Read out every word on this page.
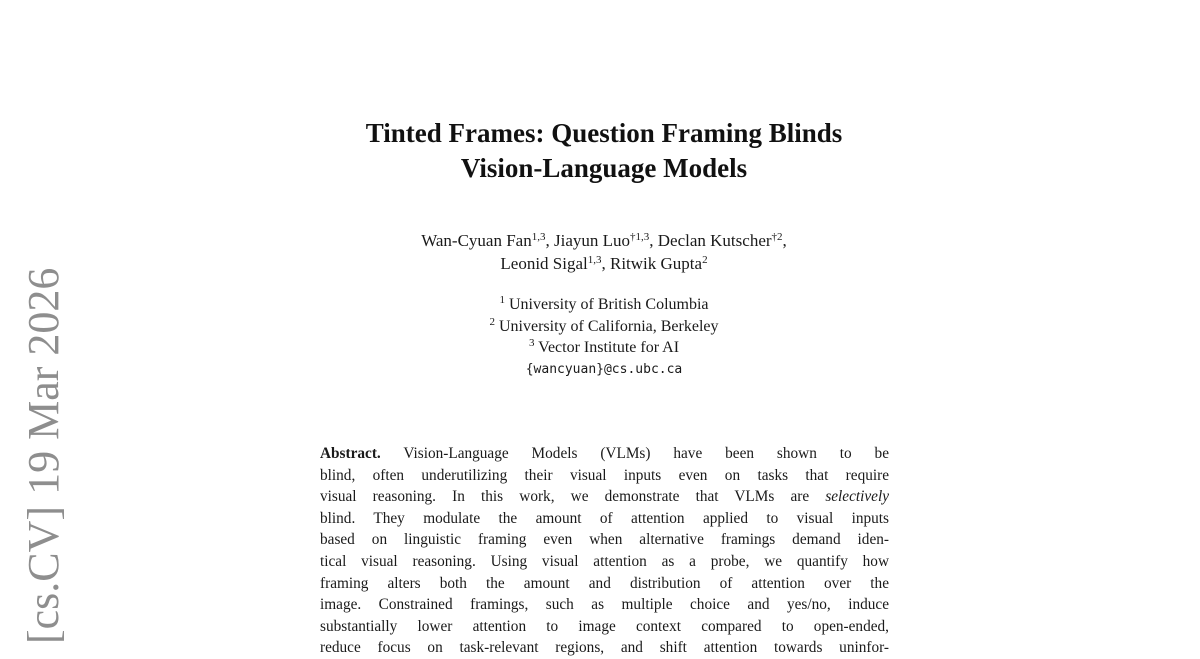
[cs.CV] 19 Mar 2026
Tinted Frames: Question Framing Blinds
Vision-Language Models
Wan-Cyuan Fan$^{1,3}$, Jiayun Luo$^{\dagger 1,3}$, Declan Kutscher$^{\dagger 2}$,
Leonid Sigal$^{1,3}$, Ritwik Gupta$^2$
$^1$ University of British Columbia
$^2$ University of California, Berkeley
$^3$ Vector Institute for AI
{wancyuan}@cs.ubc.ca
Abstract. Vision-Language Models (VLMs) have been shown to be
blind, often underutilizing their visual inputs even on tasks that require
visual reasoning. In this work, we demonstrate that VLMs are selectively
blind. They modulate the amount of attention applied to visual inputs
based on linguistic framing even when alternative framings demand iden-
tical visual reasoning. Using visual attention as a probe, we quantify how
framing alters both the amount and distribution of attention over the
image. Constrained framings, such as multiple choice and yes/no, induce
substantially lower attention to image context compared to open-ended,
reduce focus on task-relevant regions, and shift attention towards uninfor-
